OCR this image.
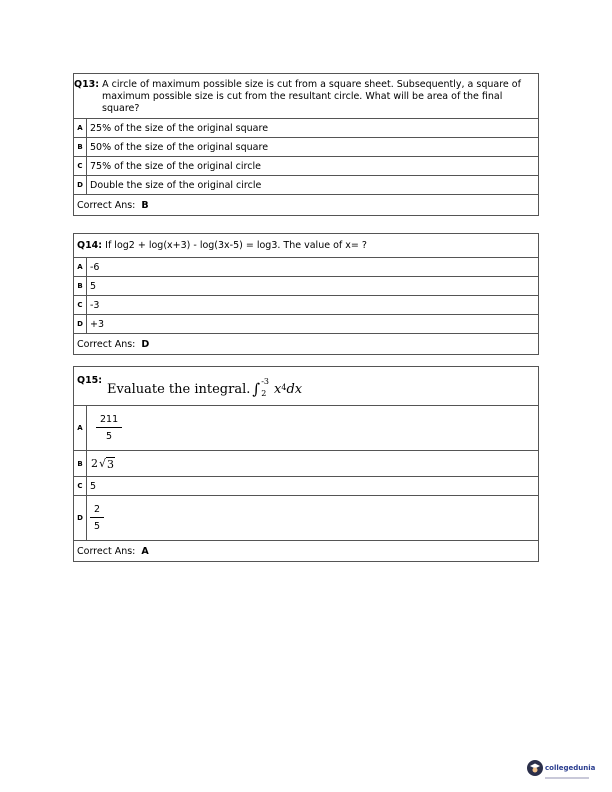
Q13: A circle of maximum possible size is cut from a square sheet. Subsequently, a square of maximum possible size is cut from the resultant circle. What will be area of the final square?
A 25% of the size of the original square
B 50% of the size of the original square
C 75% of the size of the original circle
D Double the size of the original circle
Correct Ans: B
Q14: If log2 + log(x+3) - log(3x-5) = log3. The value of x= ?
A -6
B 5
C -3
D +3
Correct Ans: D
Q15:
Evaluate the integral. ∫ -3
2 $x^4$ dx
A	$\frac{211}{5}$
B 2 √ 3
C 5
D $\frac{2}{5}$
Correct Ans: A
collegedunia
